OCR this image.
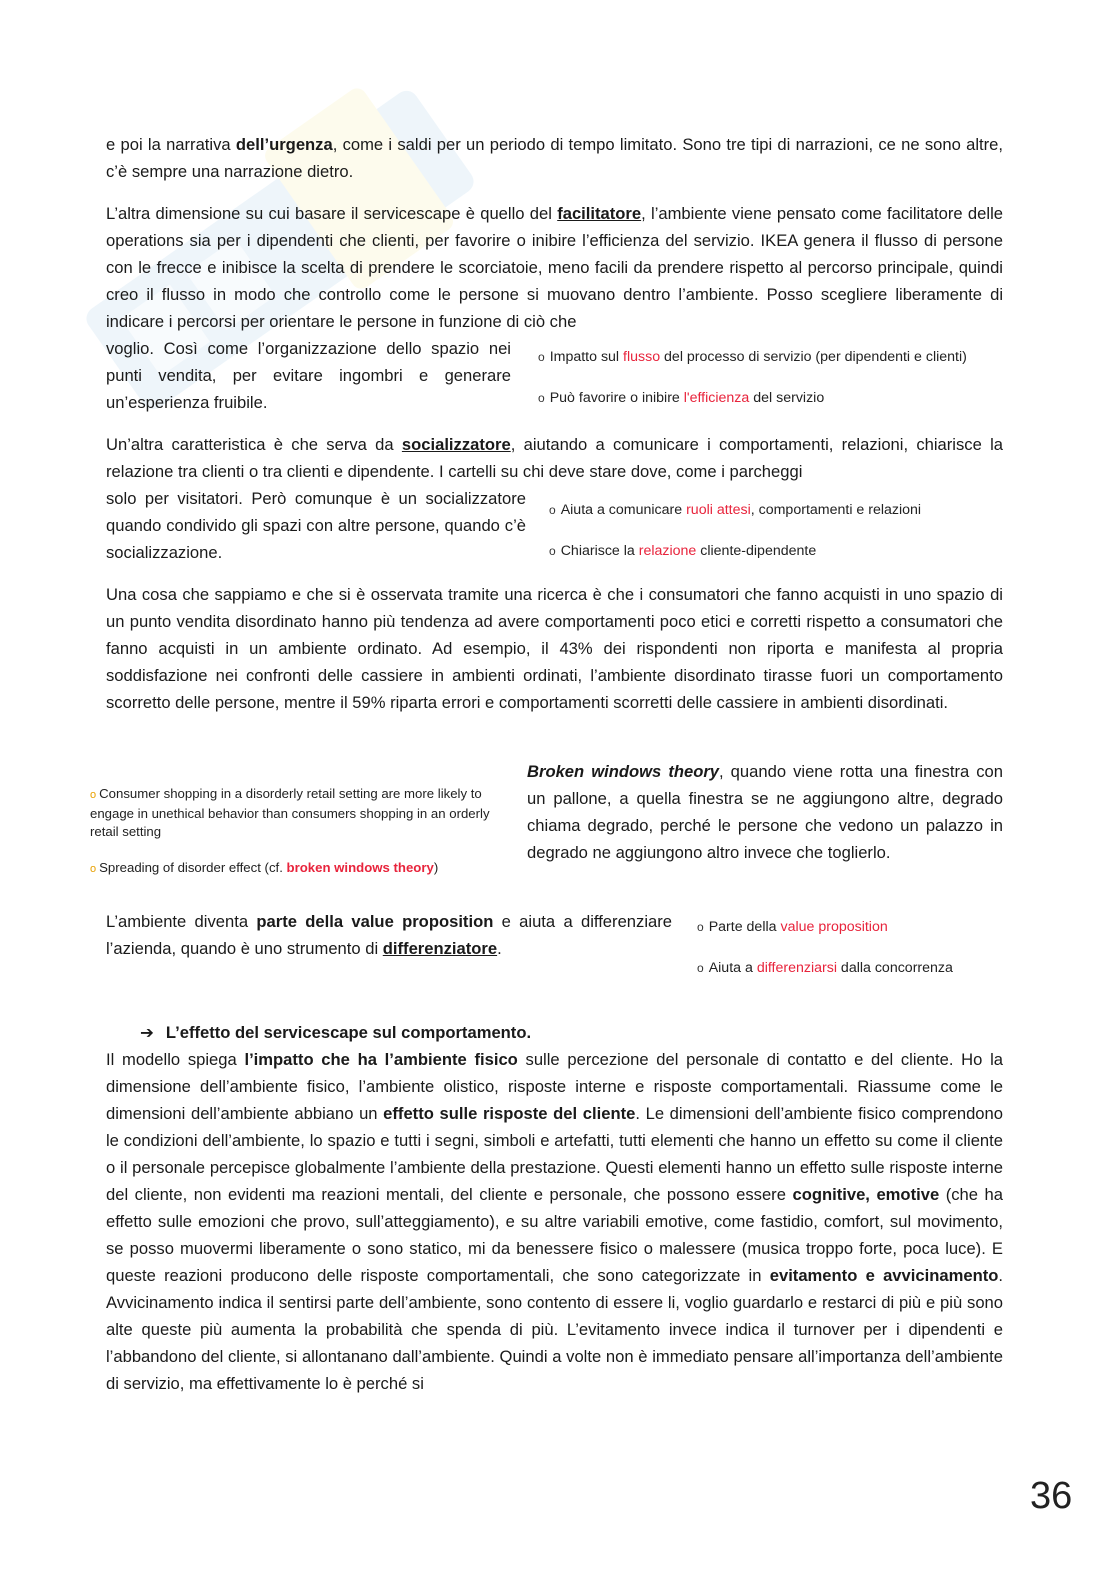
e poi la narrativa dell’urgenza, come i saldi per un periodo di tempo limitato. Sono tre tipi di narrazioni, ce ne sono altre, c’è sempre una narrazione dietro.
L’altra dimensione su cui basare il servicescape è quello del facilitatore, l’ambiente viene pensato come facilitatore delle operations sia per i dipendenti che clienti, per favorire o inibire l’efficienza del servizio. IKEA genera il flusso di persone con le frecce e inibisce la scelta di prendere le scorciatoie, meno facili da prendere rispetto al percorso principale, quindi creo il flusso in modo che controllo come le persone si muovano dentro l’ambiente. Posso scegliere liberamente di indicare i percorsi per orientare le persone in funzione di ciò che
voglio. Così come l’organizzazione dello spazio nei punti vendita, per evitare ingombri e generare un’esperienza fruibile.
o Impatto sul flusso del processo di servizio (per dipendenti e clienti)
o Può favorire o inibire l'efficienza del servizio
Un’altra caratteristica è che serva da socializzatore, aiutando a comunicare i comportamenti, relazioni, chiarisce la relazione tra clienti o tra clienti e dipendente. I cartelli su chi deve stare dove, come i parcheggi
solo per visitatori. Però comunque è un socializzatore quando condivido gli spazi con altre persone, quando c’è socializzazione.
o Aiuta a comunicare ruoli attesi, comportamenti e relazioni
o Chiarisce la relazione cliente-dipendente
Una cosa che sappiamo e che si è osservata tramite una ricerca è che i consumatori che fanno acquisti in uno spazio di un punto vendita disordinato hanno più tendenza ad avere comportamenti poco etici e corretti rispetto a consumatori che fanno acquisti in un ambiente ordinato. Ad esempio, il 43% dei rispondenti non riporta e manifesta al propria soddisfazione nei confronti delle cassiere in ambienti ordinati, l’ambiente disordinato tirasse fuori un comportamento scorretto delle persone, mentre il 59% riparta errori e comportamenti scorretti delle cassiere in ambienti disordinati.
o Consumer shopping in a disorderly retail setting are more likely to engage in unethical behavior than consumers shopping in an orderly retail setting
o Spreading of disorder effect (cf. broken windows theory)
Broken windows theory, quando viene rotta una finestra con un pallone, a quella finestra se ne aggiungono altre, degrado chiama degrado, perché le persone che vedono un palazzo in degrado ne aggiungono altro invece che toglierlo.
L’ambiente diventa parte della value proposition e aiuta a differenziare l’azienda, quando è uno strumento di differenziatore.
o Parte della value proposition
o Aiuta a differenziarsi dalla concorrenza
➔ L’effetto del servicescape sul comportamento.
Il modello spiega l’impatto che ha l’ambiente fisico sulle percezione del personale di contatto e del cliente. Ho la dimensione dell’ambiente fisico, l’ambiente olistico, risposte interne e risposte comportamentali. Riassume come le dimensioni dell’ambiente abbiano un effetto sulle risposte del cliente. Le dimensioni dell’ambiente fisico comprendono le condizioni dell’ambiente, lo spazio e tutti i segni, simboli e artefatti, tutti elementi che hanno un effetto su come il cliente o il personale percepisce globalmente l’ambiente della prestazione. Questi elementi hanno un effetto sulle risposte interne del cliente, non evidenti ma reazioni mentali, del cliente e personale, che possono essere cognitive, emotive (che ha effetto sulle emozioni che provo, sull’atteggiamento), e su altre variabili emotive, come fastidio, comfort, sul movimento, se posso muovermi liberamente o sono statico, mi da benessere fisico o malessere (musica troppo forte, poca luce). E queste reazioni producono delle risposte comportamentali, che sono categorizzate in evitamento e avvicinamento. Avvicinamento indica il sentirsi parte dell’ambiente, sono contento di essere li, voglio guardarlo e restarci di più e più sono alte queste più aumenta la probabilità che spenda di più. L’evitamento invece indica il turnover per i dipendenti e l’abbandono del cliente, si allontanano dall’ambiente. Quindi a volte non è immediato pensare all’importanza dell’ambiente di servizio, ma effettivamente lo è perché si
36
